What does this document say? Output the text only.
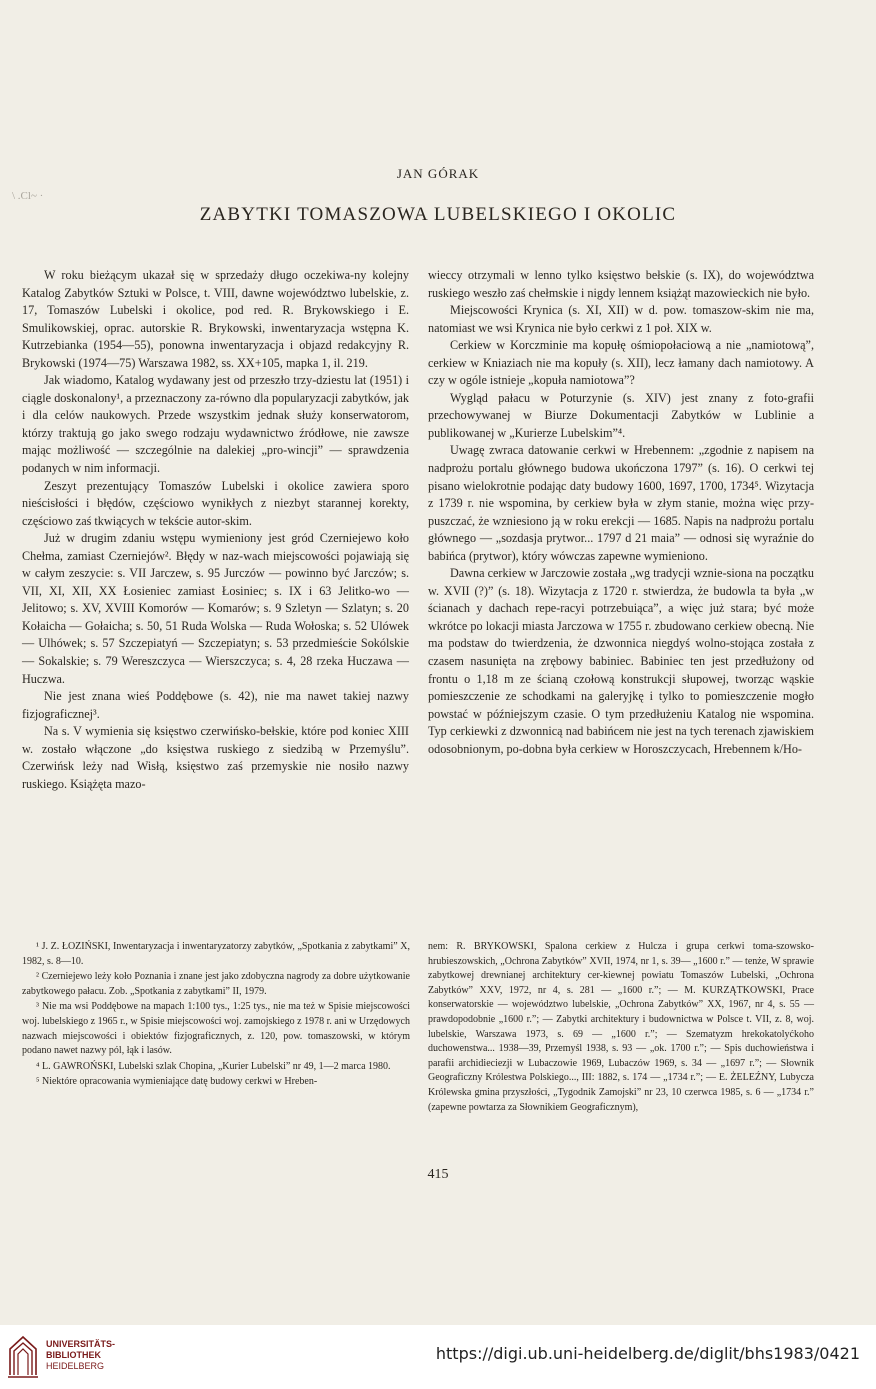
\ .Cl~ ·
JAN GÓRAK
ZABYTKI TOMASZOWA LUBELSKIEGO I OKOLIC

W roku bieżącym ukazał się w sprzedaży długo oczekiwa-ny kolejny Katalog Zabytków Sztuki w Polsce, t. VIII, dawne województwo lubelskie, z. 17, Tomaszów Lubelski i okolice, pod red. R. Brykowskiego i E. Smulikowskiej, oprac. autorskie R. Brykowski, inwentaryzacja wstępna K. Kutrzebianka (1954—55), ponowna inwentaryzacja i objazd redakcyjny R. Brykowski (1974—75) Warszawa 1982, ss. XX+105, mapka 1, il. 219.

Jak wiadomo, Katalog wydawany jest od przeszło trzy-dziestu lat (1951) i ciągle doskonalony¹, a przeznaczony za-równo dla popularyzacji zabytków, jak i dla celów naukowych. Przede wszystkim jednak służy konserwatorom, którzy traktują go jako swego rodzaju wydawnictwo źródłowe, nie zawsze mając możliwość — szczególnie na dalekiej „pro-wincji” — sprawdzenia podanych w nim informacji.

Zeszyt prezentujący Tomaszów Lubelski i okolice zawiera sporo nieścisłości i błędów, częściowo wynikłych z niezbyt starannej korekty, częściowo zaś tkwiących w tekście autor-skim.

Już w drugim zdaniu wstępu wymieniony jest gród Czerniejewo koło Chełma, zamiast Czerniejów². Błędy w naz-wach miejscowości pojawiają się w całym zeszycie: s. VII Jarczew, s. 95 Jurczów — powinno być Jarczów; s. VII, XI, XII, XX Łosieniec zamiast Łosiniec; s. IX i 63 Jelitko-wo — Jelitowo; s. XV, XVIII Komorów — Komarów; s. 9 Szletyn — Szlatyn; s. 20 Kołaicha — Gołaicha; s. 50, 51 Ruda Wolska — Ruda Wołoska; s. 52 Ulówek — Ulhówek; s. 57 Szczepiatyń — Szczepiatyn; s. 53 przedmieście Sokólskie — Sokalskie; s. 79 Wereszczyca — Wierszczyca; s. 4, 28 rzeka Huczawa — Huczwa.

Nie jest znana wieś Poddębowe (s. 42), nie ma nawet takiej nazwy fizjograficznej³.

Na s. V wymienia się księstwo czerwińsko-bełskie, które pod koniec XIII w. zostało włączone „do księstwa ruskiego z siedzibą w Przemyślu”. Czerwińsk leży nad Wisłą, księstwo zaś przemyskie nie nosiło nazwy ruskiego. Książęta mazo-

wieccy otrzymali w lenno tylko księstwo bełskie (s. IX), do województwa ruskiego weszło zaś chełmskie i nigdy lennem książąt mazowieckich nie było.

Miejscowości Krynica (s. XI, XII) w d. pow. tomaszow-skim nie ma, natomiast we wsi Krynica nie było cerkwi z 1 poł. XIX w.

Cerkiew w Korczminie ma kopułę ośmiopołaciową a nie „namiotową”, cerkiew w Kniaziach nie ma kopuły (s. XII), lecz łamany dach namiotowy. A czy w ogóle istnieje „kopuła namiotowa”?

Wygląd pałacu w Poturzynie (s. XIV) jest znany z foto-grafii przechowywanej w Biurze Dokumentacji Zabytków w Lublinie a publikowanej w „Kurierze Lubelskim”⁴.

Uwagę zwraca datowanie cerkwi w Hrebennem: „zgodnie z napisem na nadprożu portalu głównego budowa ukończona 1797” (s. 16). O cerkwi tej pisano wielokrotnie podając daty budowy 1600, 1697, 1700, 1734⁵. Wizytacja z 1739 r. nie wspomina, by cerkiew była w złym stanie, można więc przy-puszczać, że wzniesiono ją w roku erekcji — 1685. Napis na nadprożu portalu głównego — „sozdasja prytwor... 1797 d 21 maia” — odnosi się wyraźnie do babińca (prytwor), który wówczas zapewne wymieniono.

Dawna cerkiew w Jarczowie została „wg tradycji wznie-siona na początku w. XVII (?)” (s. 18). Wizytacja z 1720 r. stwierdza, że budowla ta była „w ścianach y dachach repe-racyi potrzebuiąca”, a więc już stara; być może wkrótce po lokacji miasta Jarczowa w 1755 r. zbudowano cerkiew obecną. Nie ma podstaw do twierdzenia, że dzwonnica niegdyś wolno-stojąca została z czasem nasunięta na zrębowy babiniec. Babiniec ten jest przedłużony od frontu o 1,18 m ze ścianą czołową konstrukcji słupowej, tworząc wąskie pomieszczenie ze schodkami na galeryjkę i tylko to pomieszczenie mogło powstać w późniejszym czasie. O tym przedłużeniu Katalog nie wspomina. Typ cerkiewki z dzwonnicą nad babińcem nie jest na tych terenach zjawiskiem odosobnionym, po-dobna była cerkiew w Horoszczycach, Hrebennem k/Ho-

¹ J. Z. ŁOZIŃSKI, Inwentaryzacja i inwentaryzatorzy zabytków, „Spotkania z zabytkami” X, 1982, s. 8—10.

² Czerniejewo leży koło Poznania i znane jest jako zdobyczna nagrody za dobre użytkowanie zabytkowego pałacu. Zob. „Spotkania z zabytkami” II, 1979.

³ Nie ma wsi Poddębowe na mapach 1:100 tys., 1:25 tys., nie ma też w Spisie miejscowości woj. lubelskiego z 1965 r., w Spisie miejscowości woj. zamojskiego z 1978 r. ani w Urzędowych nazwach miejscowości i obiektów fizjograficznych, z. 120, pow. tomaszowski, w którym podano nawet nazwy pól, łąk i lasów.

⁴ L. GAWROŃSKI, Lubelski szlak Chopina, „Kurier Lubelski” nr 49, 1—2 marca 1980.

⁵ Niektóre opracowania wymieniające datę budowy cerkwi w Hreben-

nem: R. BRYKOWSKI, Spalona cerkiew z Hulcza i grupa cerkwi toma-szowsko-hrubieszowskich, „Ochrona Zabytków” XVII, 1974, nr 1, s. 39— „1600 r.” — tenże, W sprawie zabytkowej drewnianej architektury cer-kiewnej powiatu Tomaszów Lubelski, „Ochrona Zabytków” XXV, 1972, nr 4, s. 281 — „1600 r.”; — M. KURZĄTKOWSKI, Prace konserwatorskie — województwo lubelskie, „Ochrona Zabytków” XX, 1967, nr 4, s. 55 — prawdopodobnie „1600 r.”; — Zabytki architektury i budownictwa w Polsce t. VII, z. 8, woj. lubelskie, Warszawa 1973, s. 69 — „1600 r.”; — Szematyzm hrekokatolyćkoho duchowenstwa... 1938—39, Przemyśl 1938, s. 93 — „ok. 1700 r.”; — Spis duchowieństwa i parafii archidieciezji w Lubaczowie 1969, Lubaczów 1969, s. 34 — „1697 r.”; — Słownik Geograficzny Królestwa Polskiego..., III: 1882, s. 174 — „1734 r.”; — E. ŻELEŹNY, Lubycza Królewska gmina przyszłości, „Tygodnik Zamojski” nr 23, 10 czerwca 1985, s. 6 — „1734 r.” (zapewne powtarza za Słownikiem Geograficznym),

415
UNIVERSITÄTS-
BIBLIOTHEK
HEIDELBERG
https://digi.ub.uni-heidelberg.de/diglit/bhs1983/0421
